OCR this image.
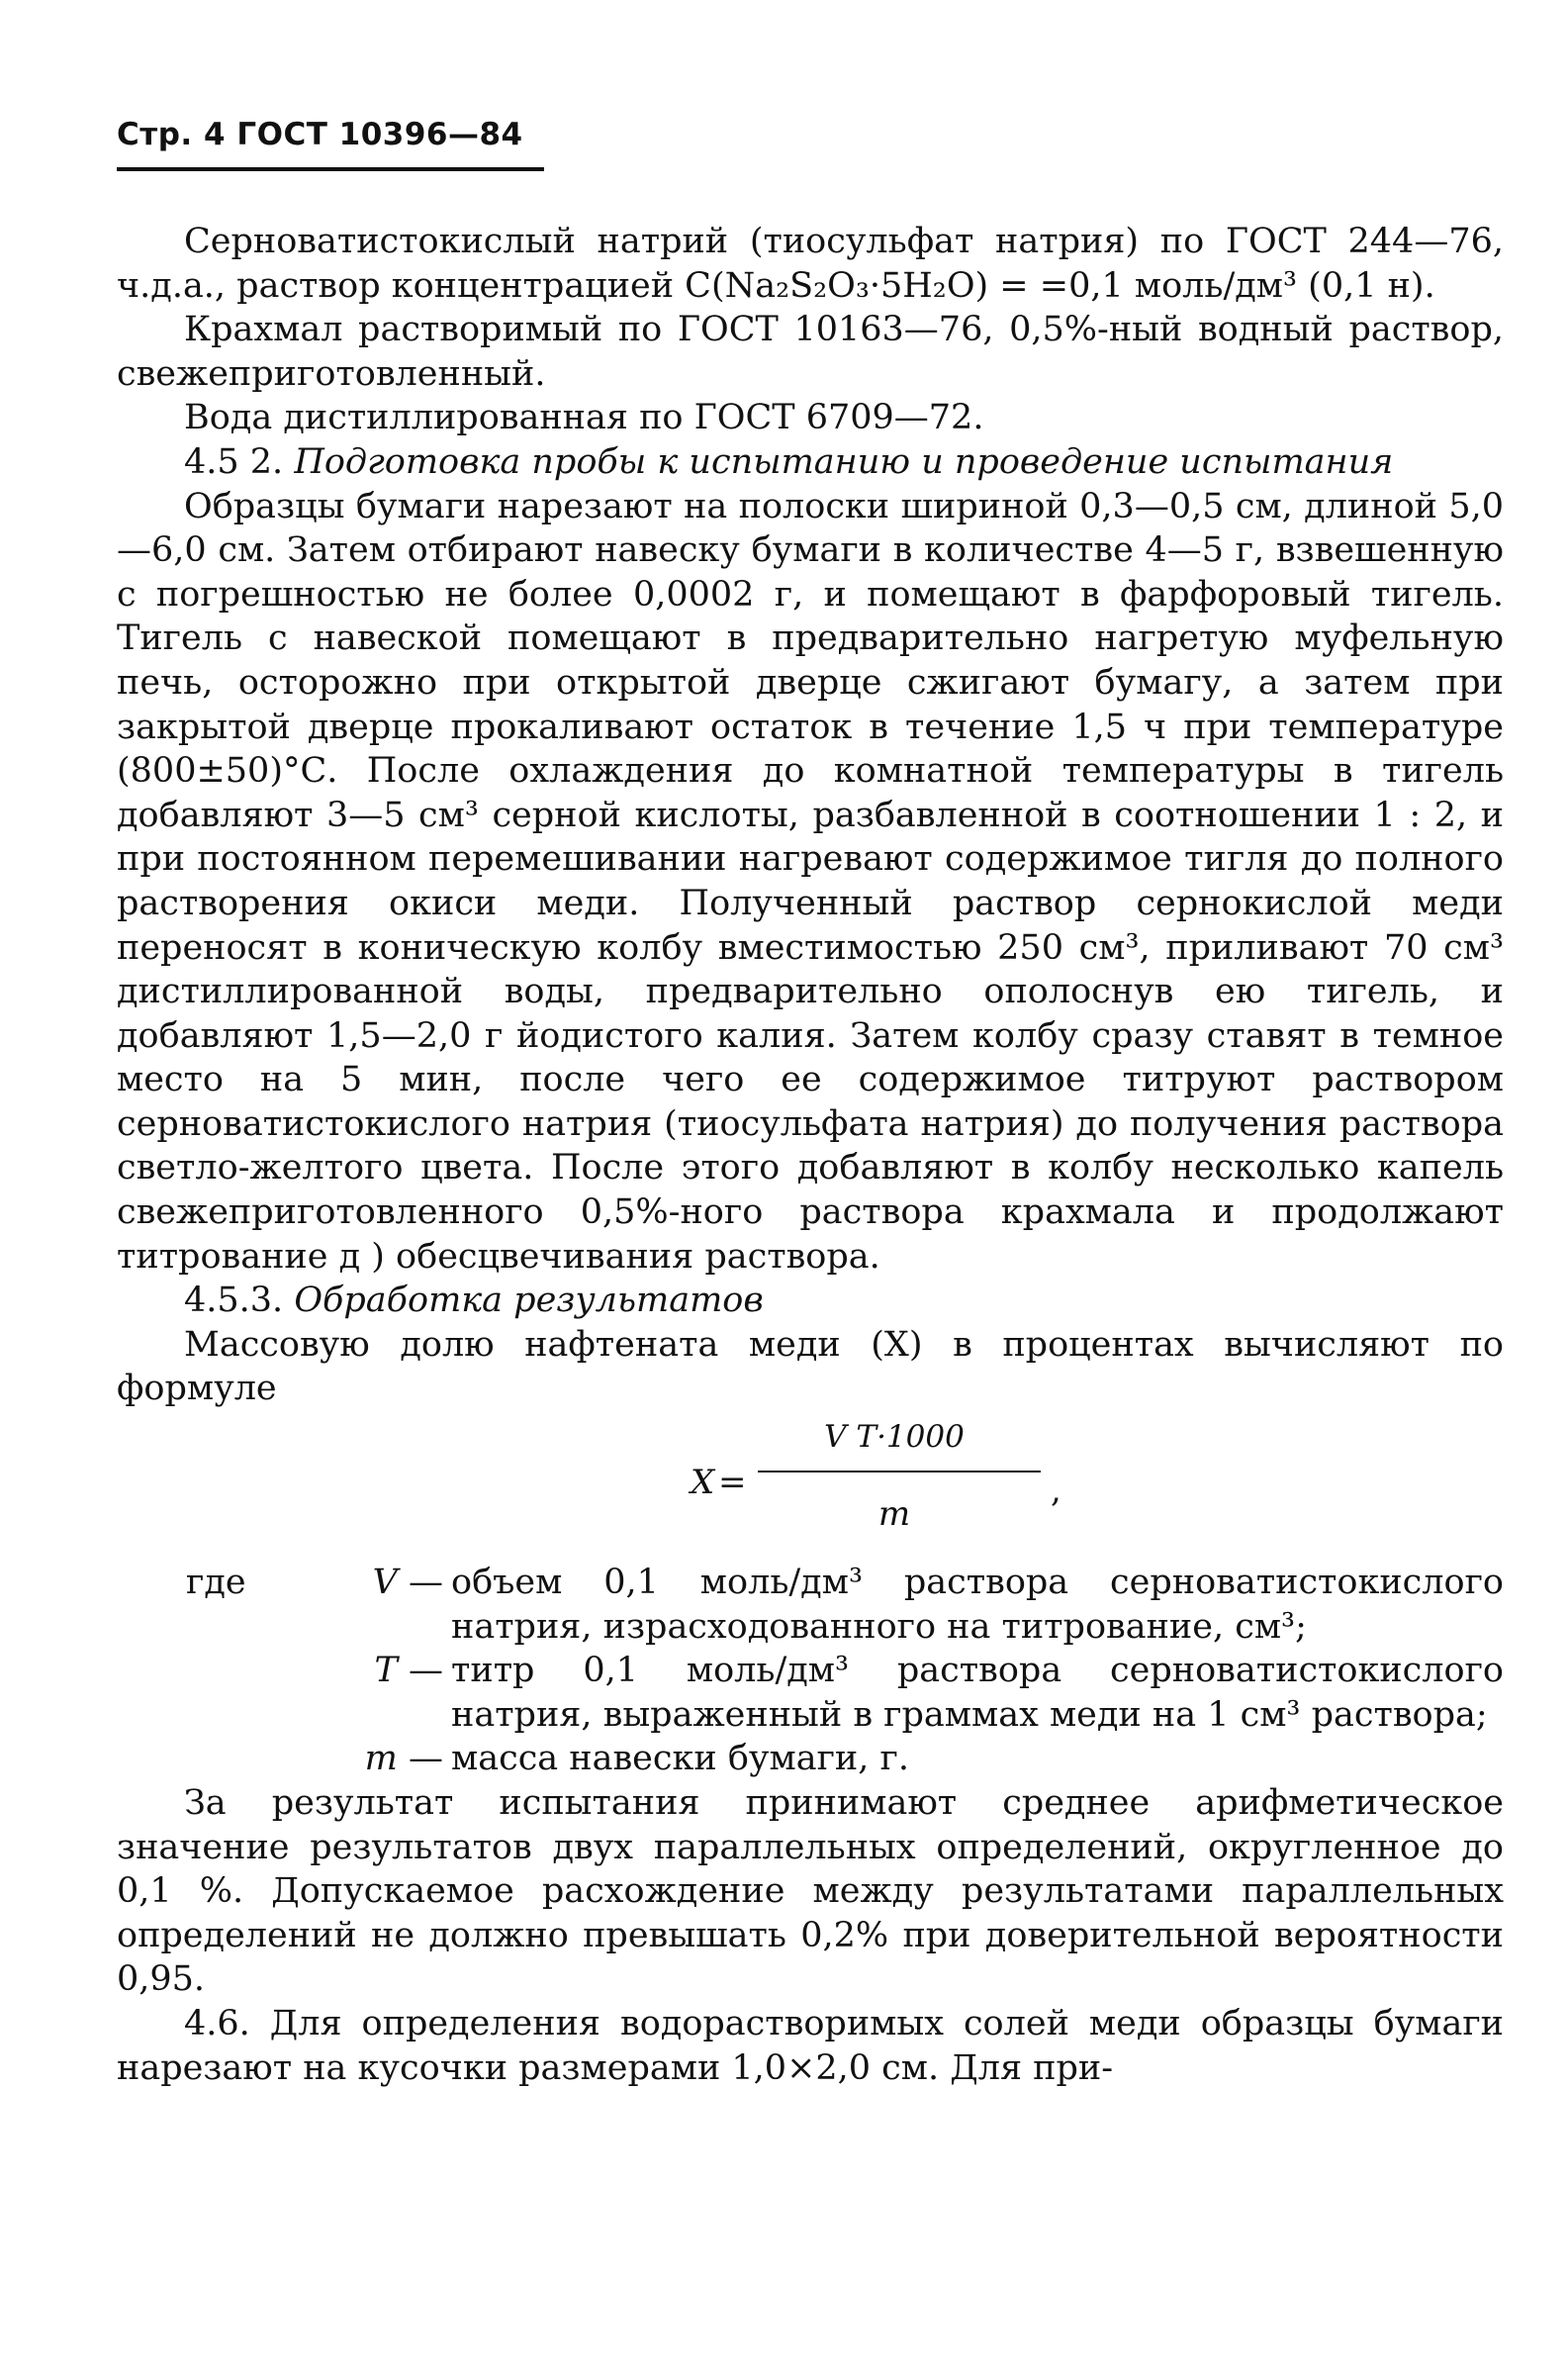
Стр. 4 ГОСТ 10396—84

Сернoватистокислый натрий (тиосульфат натрия) по ГОСТ 244—76, ч.д.а., раствор концентрацией C(Na₂S₂O₃·5H₂O) = =0,1 моль/дм³ (0,1 н).

Крахмал растворимый по ГОСТ 10163—76, 0,5%-ный водный раствор, свежеприготовленный.

Вода дистиллированная по ГОСТ 6709—72.

4.5 2. Подготовка пробы к испытанию и проведение испытания

Образцы бумаги нарезают на полоски шириной 0,3—0,5 см, длиной 5,0—6,0 см. Затем отбирают навеску бумаги в количестве 4—5 г, взвешенную с погрешностью не более 0,0002 г, и помещают в фарфоровый тигель. Тигель с навеской помещают в предварительно нагретую муфельную печь, осторожно при открытой дверце сжигают бумагу, а затем при закрытой дверце прокаливают остаток в течение 1,5 ч при температуре (800±50)°С. После охлаждения до комнатной температуры в тигель добавляют 3—5 см³ серной кислоты, разбавленной в соотношении 1 : 2, и при постоянном перемешивании нагревают содержимое тигля до полного растворения окиси меди. Полученный раствор сернокислой меди переносят в коническую колбу вместимостью 250 см³, приливают 70 см³ дистиллированной воды, предварительно ополоснув ею тигель, и добавляют 1,5—2,0 г йодистого калия. Затем колбу сразу ставят в темное место на 5 мин, после чего ее содержимое титруют раствором серноватистокислого натрия (тиосульфата натрия) до получения раствора светло-желтого цвета. После этого добавляют в колбу несколько капель свежеприготовленного 0,5%-ного раствора крахмала и продолжают титрование д ) обесцвечивания раствора.

4.5.3. Обработка результатов

Массовую долю нафтената меди (X) в процентах вычисляют по формуле

X =
V T·1000
m
,
где	V — объем 0,1 моль/дм³ раствора серноватистокислого натрия, израсходованного на титрование, см³;
T — титр 0,1 моль/дм³ раствора серноватистокислого натрия, выраженный в граммах меди на 1 см³ раствора;
m — масса навески бумаги, г.

За результат испытания принимают среднее арифметическое значение результатов двух параллельных определений, округленное до 0,1 %. Допускаемое расхождение между результатами параллельных определений не должно превышать 0,2% при доверительной вероятности 0,95.

4.6. Для определения водорастворимых солей меди образцы бумаги нарезают на кусочки размерами 1,0×2,0 см. Для при-
